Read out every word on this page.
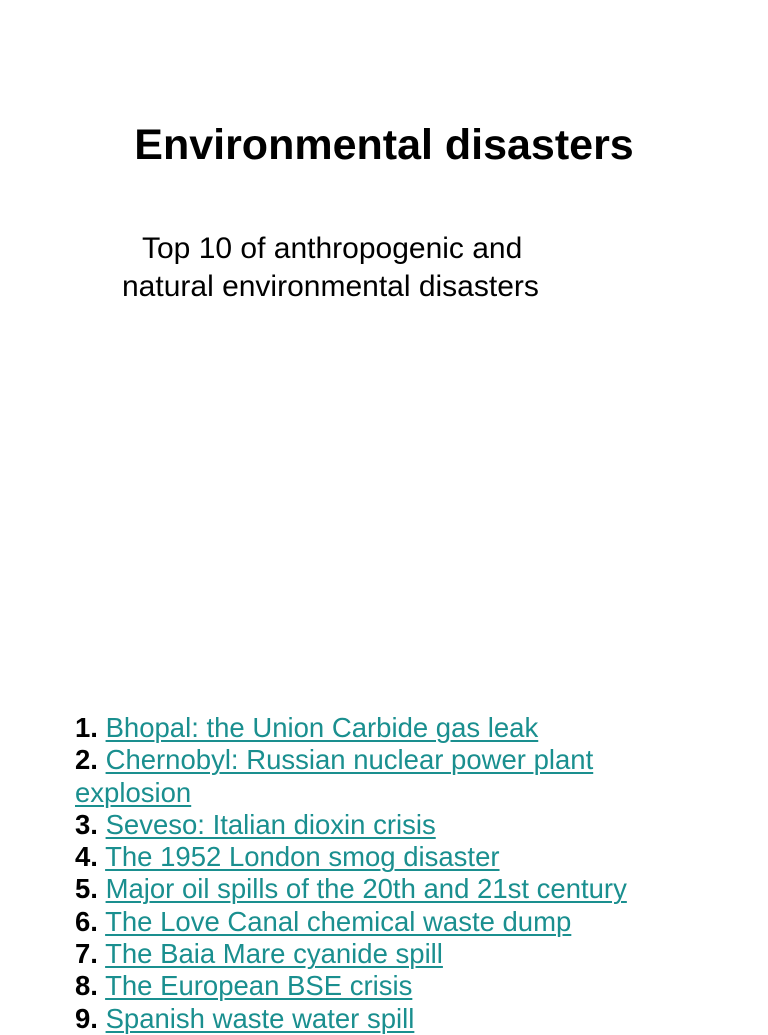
Environmental disasters
Top 10 of anthropogenic and
natural environmental disasters
1. Bhopal: the Union Carbide gas leak
2. Chernobyl: Russian nuclear power plant explosion
3. Seveso: Italian dioxin crisis
4. The 1952 London smog disaster
5. Major oil spills of the 20th and 21st century
6. The Love Canal chemical waste dump
7. The Baia Mare cyanide spill
8. The European BSE crisis
9. Spanish waste water spill
